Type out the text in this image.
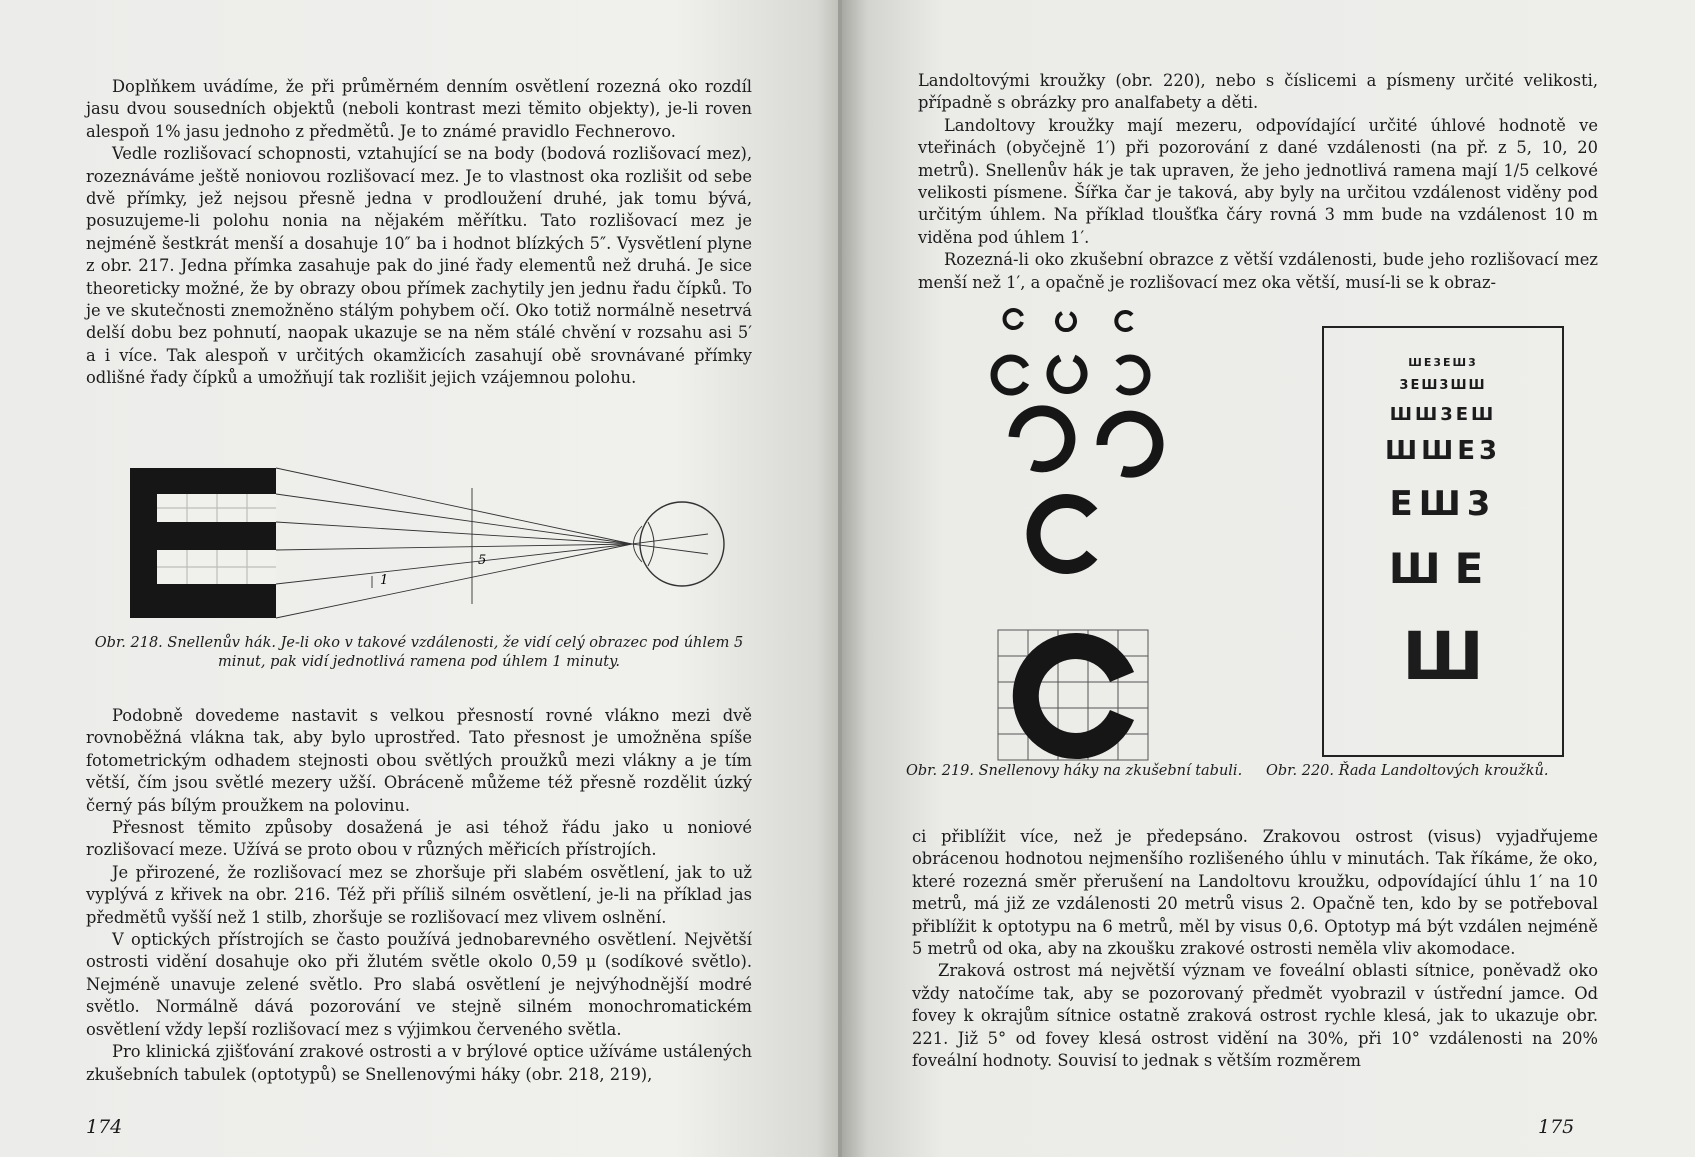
Doplňkem uvádíme, že při průměrném denním osvětlení rozezná oko rozdíl jasu dvou sousedních objektů (neboli kontrast mezi těmito objekty), je-li roven alespoň 1% jasu jednoho z předmětů. Je to známé pravidlo Fechnerovo.

Vedle rozlišovací schopnosti, vztahující se na body (bodová rozlišovací mez), rozeznáváme ještě noniovou rozlišovací mez. Je to vlastnost oka rozlišit od sebe dvě přímky, jež nejsou přesně jedna v prodloužení druhé, jak tomu bývá, posuzujeme-li polohu nonia na nějakém měřítku. Tato rozlišovací mez je nejméně šestkrát menší a dosahuje 10″ ba i hodnot blízkých 5″. Vysvětlení plyne z obr. 217. Jedna přímka zasahuje pak do jiné řady elementů než druhá. Je sice theoreticky možné, že by obrazy obou přímek zachytily jen jednu řadu čípků. To je ve skutečnosti znemožněno stálým pohybem očí. Oko totiž normálně nesetrvá delší dobu bez pohnutí, naopak ukazuje se na něm stálé chvění v rozsahu asi 5′ a i více. Tak alespoň v určitých okamžicích zasahují obě srovnávané přímky odlišné řady čípků a umožňují tak rozlišit jejich vzájemnou polohu.

5
1
Obr. 218. Snellenův hák. Je-li oko v takové vzdálenosti, že vidí celý obrazec pod úhlem 5 minut, pak vidí jednotlivá ramena pod úhlem 1 minuty.

Podobně dovedeme nastavit s velkou přesností rovné vlákno mezi dvě rovnoběžná vlákna tak, aby bylo uprostřed. Tato přesnost je umožněna spíše fotometrickým odhadem stejnosti obou světlých proužků mezi vlákny a je tím větší, čím jsou světlé mezery užší. Obráceně můžeme též přesně rozdělit úzký černý pás bílým proužkem na polovinu.

Přesnost těmito způsoby dosažená je asi téhož řádu jako u noniové rozlišovací meze. Užívá se proto obou v různých měřicích přístrojích.

Je přirozené, že rozlišovací mez se zhoršuje při slabém osvětlení, jak to už vyplývá z křivek na obr. 216. Též při příliš silném osvětlení, je-li na příklad jas předmětů vyšší než 1 stilb, zhoršuje se rozlišovací mez vlivem oslnění.

V optických přístrojích se často používá jednobarevného osvětlení. Největší ostrosti vidění dosahuje oko při žlutém světle okolo 0,59 μ (sodíkové světlo). Nejméně unavuje zelené světlo. Pro slabá osvětlení je nejvýhodnější modré světlo. Normálně dává pozorování ve stejně silném monochromatickém osvětlení vždy lepší rozlišovací mez s výjimkou červeného světla.

Pro klinická zjišťování zrakové ostrosti a v brýlové optice užíváme ustálených zkušebních tabulek (optotypů) se Snellenovými háky (obr. 218, 219),

174

Landoltovými kroužky (obr. 220), nebo s číslicemi a písmeny určité velikosti, případně s obrázky pro analfabety a děti.

Landoltovy kroužky mají mezeru, odpovídající určité úhlové hodnotě ve vteřinách (obyčejně 1′) při pozorování z dané vzdálenosti (na př. z 5, 10, 20 metrů). Snellenův hák je tak upraven, že jeho jednotlivá ramena mají 1/5 celkové velikosti písmene. Šířka čar je taková, aby byly na určitou vzdálenost viděny pod určitým úhlem. Na příklad tloušťka čáry rovná 3 mm bude na vzdálenost 10 m viděna pod úhlem 1′.

Rozezná-li oko zkušební obrazce z větší vzdálenosti, bude jeho rozlišovací mez menší než 1′, a opačně je rozlišovací mez oka větší, musí-li se k obraz-

ШE3EШ3
3EШ3ШШ
ШШ3EШ
ШШE3
EШ3
ШE
Ш
Obr. 219. Snellenovy háky na zkušební tabuli. Obr. 220. Řada Landoltových kroužků.

ci přiblížit více, než je předepsáno. Zrakovou ostrost (visus) vyjadřujeme obrácenou hodnotou nejmenšího rozlišeného úhlu v minutách. Tak říkáme, že oko, které rozezná směr přerušení na Landoltovu kroužku, odpovídající úhlu 1′ na 10 metrů, má již ze vzdálenosti 20 metrů visus 2. Opačně ten, kdo by se potřeboval přiblížit k optotypu na 6 metrů, měl by visus 0,6. Optotyp má být vzdálen nejméně 5 metrů od oka, aby na zkoušku zrakové ostrosti neměla vliv akomodace.

Zraková ostrost má největší význam ve foveální oblasti sítnice, poněvadž oko vždy natočíme tak, aby se pozorovaný předmět vyobrazil v ústřední jamce. Od fovey k okrajům sítnice ostatně zraková ostrost rychle klesá, jak to ukazuje obr. 221. Již 5° od fovey klesá ostrost vidění na 30%, při 10° vzdálenosti na 20% foveální hodnoty. Souvisí to jednak s větším rozměrem

175
